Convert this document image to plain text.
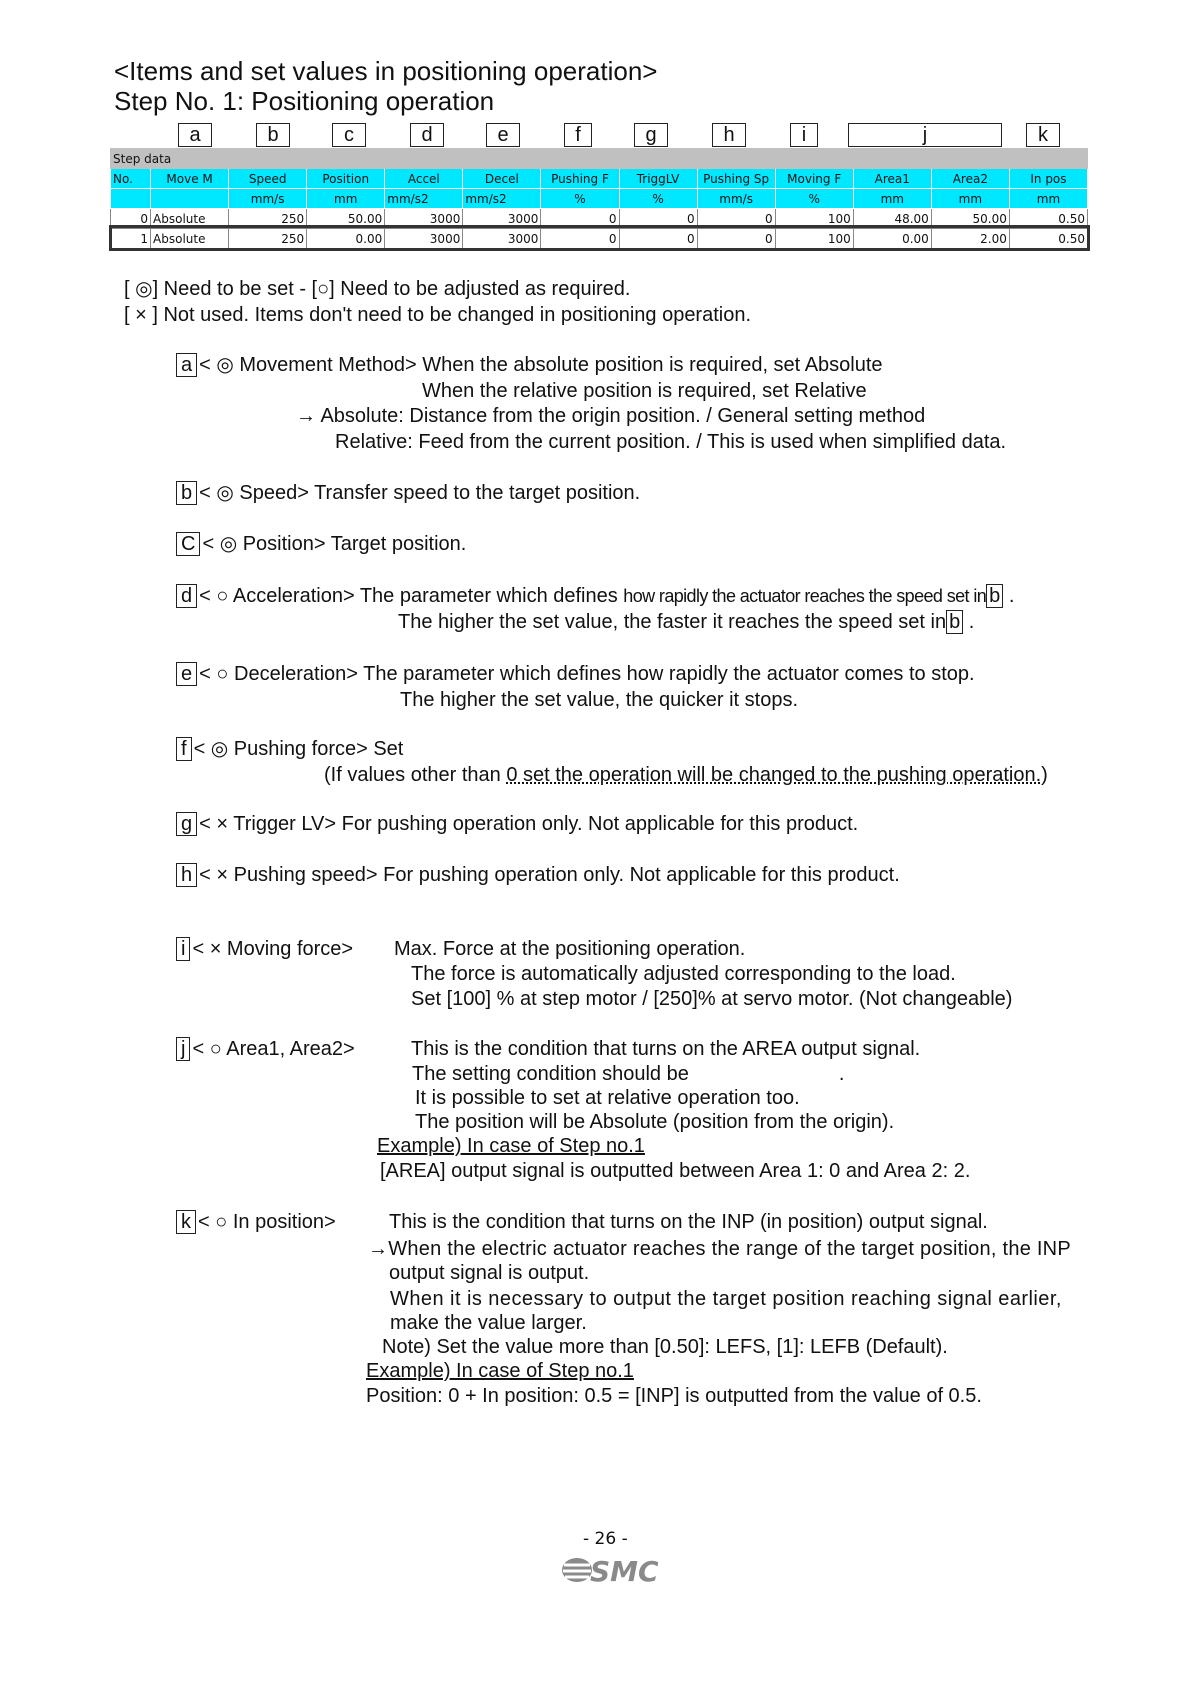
<Items and set values in positioning operation>
Step No. 1: Positioning operation
a	b	c	d	e	f	g	h	i	j	k
Step data												
No.	Move M	Speed	Position	Accel	Decel	Pushing F	TriggLV	Pushing Sp	Moving F	Area1	Area2	In pos
		mm/s	mm	mm/s2	mm/s2	%	%	mm/s	%	mm	mm	mm
0	Absolute	250	50.00	3000	3000	0	0	0	100	48.00	50.00	0.50
1	Absolute	250	0.00	3000	3000	0	0	0	100	0.00	2.00	0.50
[ ◎] Need to be set - [○] Need to be adjusted as required.
[ × ] Not used. Items don't need to be changed in positioning operation.
a < ◎ Movement Method> When the absolute position is required, set Absolute
When the relative position is required, set Relative
→ Absolute: Distance from the origin position. / General setting method
Relative: Feed from the current position. / This is used when simplified data.
b < ◎ Speed> Transfer speed to the target position.
C < ◎ Position> Target position.
d < ○ Acceleration> The parameter which defines how rapidly the actuator reaches the speed set in b .
The higher the set value, the faster it reaches the speed set in b .
e < ○ Deceleration> The parameter which defines how rapidly the actuator comes to stop.
The higher the set value, the quicker it stops.
f < ◎ Pushing force> Set
(If values other than 0 set the operation will be changed to the pushing operation.)
g < × Trigger LV> For pushing operation only. Not applicable for this product.
h < × Pushing speed> For pushing operation only. Not applicable for this product.
i < × Moving force> Max. Force at the positioning operation.
The force is automatically adjusted corresponding to the load.
Set [100] % at step motor / [250]% at servo motor. (Not changeable)
j < ○ Area1, Area2>	This is the condition that turns on the AREA output signal.
The setting condition should be	.
It is possible to set at relative operation too.
The position will be Absolute (position from the origin).
Example) In case of Step no.1
[AREA] output signal is outputted between Area 1: 0 and Area 2: 2.
k < ○ In position>	This is the condition that turns on the INP (in position) output signal.
→When the electric actuator reaches the range of the target position, the INP
output signal is output.
When it is necessary to output the target position reaching signal earlier,
make the value larger.
Note) Set the value more than [0.50]: LEFS, [1]: LEFB (Default).
Example) In case of Step no.1
Position: 0 + In position: 0.5 = [INP] is outputted from the value of 0.5.
- 26 -
SMC
